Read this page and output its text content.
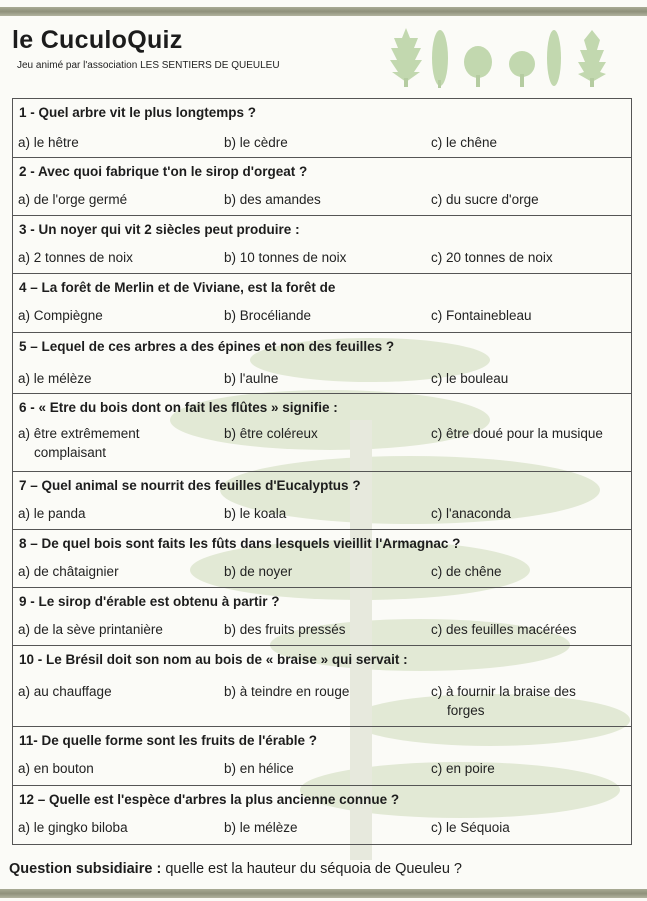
le CuculoQuiz
Jeu animé par l'association LES SENTIERS DE QUEULEU
1 - Quel arbre vit le plus longtemps ?
a) le hêtre	b) le cèdre	c) le chêne
2 - Avec quoi fabrique t'on le sirop d'orgeat ?
a) de l'orge germé	b) des amandes	c) du sucre d'orge
3 - Un noyer qui vit 2 siècles peut produire :
a) 2 tonnes de noix	b) 10 tonnes de noix	c) 20 tonnes de noix
4 – La forêt de Merlin et de Viviane, est la forêt de
a) Compiègne	b) Brocéliande	c) Fontainebleau
5 – Lequel de ces arbres a des épines et non des feuilles ?
a) le mélèze	b) l'aulne	c) le bouleau
6 - « Etre du bois dont on fait les flûtes » signifie :
a) être extrêmement
complaisant
b) être coléreux	c) être doué pour la musique
7 – Quel animal se nourrit des feuilles d'Eucalyptus ?
a) le panda	b) le koala	c) l'anaconda
8 – De quel bois sont faits les fûts dans lesquels vieillit l'Armagnac ?
a) de châtaignier	b) de noyer	c) de chêne
9 - Le sirop d'érable est obtenu à partir ?
a) de la sève printanière	b) des fruits pressés	c) des feuilles macérées
10 - Le Brésil doit son nom au bois de « braise » qui servait :
a) au chauffage	b) à teindre en rouge	c) à fournir la braise des
forges
11- De quelle forme sont les fruits de l'érable ?
a) en bouton	b) en hélice	c) en poire
12 – Quelle est l'espèce d'arbres la plus ancienne connue ?
a) le gingko biloba	b) le mélèze	c) le Séquoia
Question subsidiaire : quelle est la hauteur du séquoia de Queuleu ?
